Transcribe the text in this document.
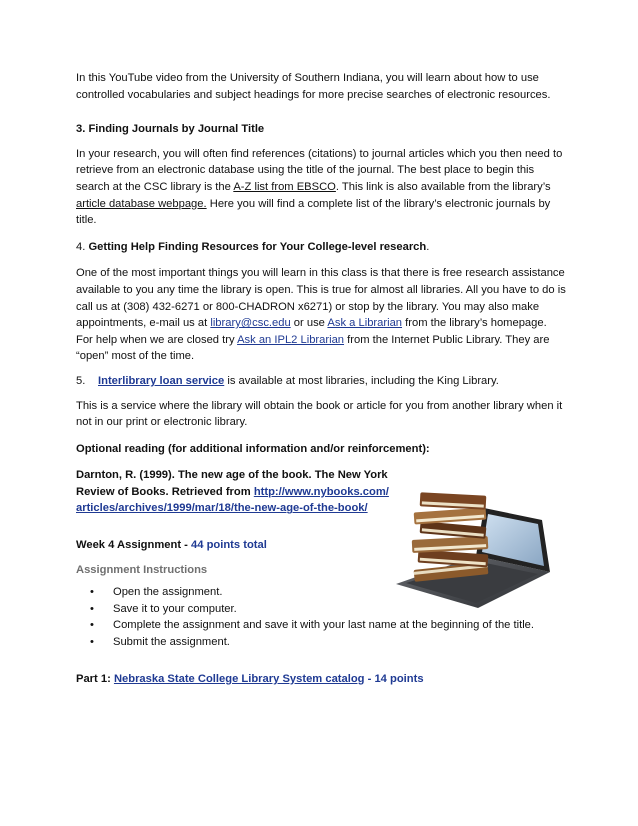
In this YouTube video from the University of Southern Indiana, you will learn about how to use controlled vocabularies and subject headings for more precise searches of electronic resources.

3. Finding Journals by Journal Title

In your research, you will often find references (citations) to journal articles which you then need to retrieve from an electronic database using the title of the journal. The best place to begin this search at the CSC library is the A-Z list from EBSCO. This link is also available from the library’s article database webpage. Here you will find a complete list of the library’s electronic journals by title.

4. Getting Help Finding Resources for Your College-level research.

One of the most important things you will learn in this class is that there is free research assistance available to you any time the library is open. This is true for almost all libraries. All you have to do is call us at (308) 432-6271 or 800-CHADRON x6271) or stop by the library. You may also make appointments, e-mail us at library@csc.edu or use Ask a Librarian from the library’s homepage. For help when we are closed try Ask an IPL2 Librarian from the Internet Public Library. They are “open” most of the time.

5. Interlibrary loan service is available at most libraries, including the King Library.

This is a service where the library will obtain the book or article for you from another library when it not in our print or electronic library.

Optional reading (for additional information and/or reinforcement):

Darnton, R. (1999). The new age of the book. The New York Review of Books. Retrieved from http://www.nybooks.com/articles/archives/1999/mar/18/the-new-age-of-the-book/

Week 4 Assignment - 44 points total

Assignment Instructions

• Open the assignment.
• Save it to your computer.
• Complete the assignment and save it with your last name at the beginning of the title.
• Submit the assignment.

Part 1: Nebraska State College Library System catalog - 14 points
